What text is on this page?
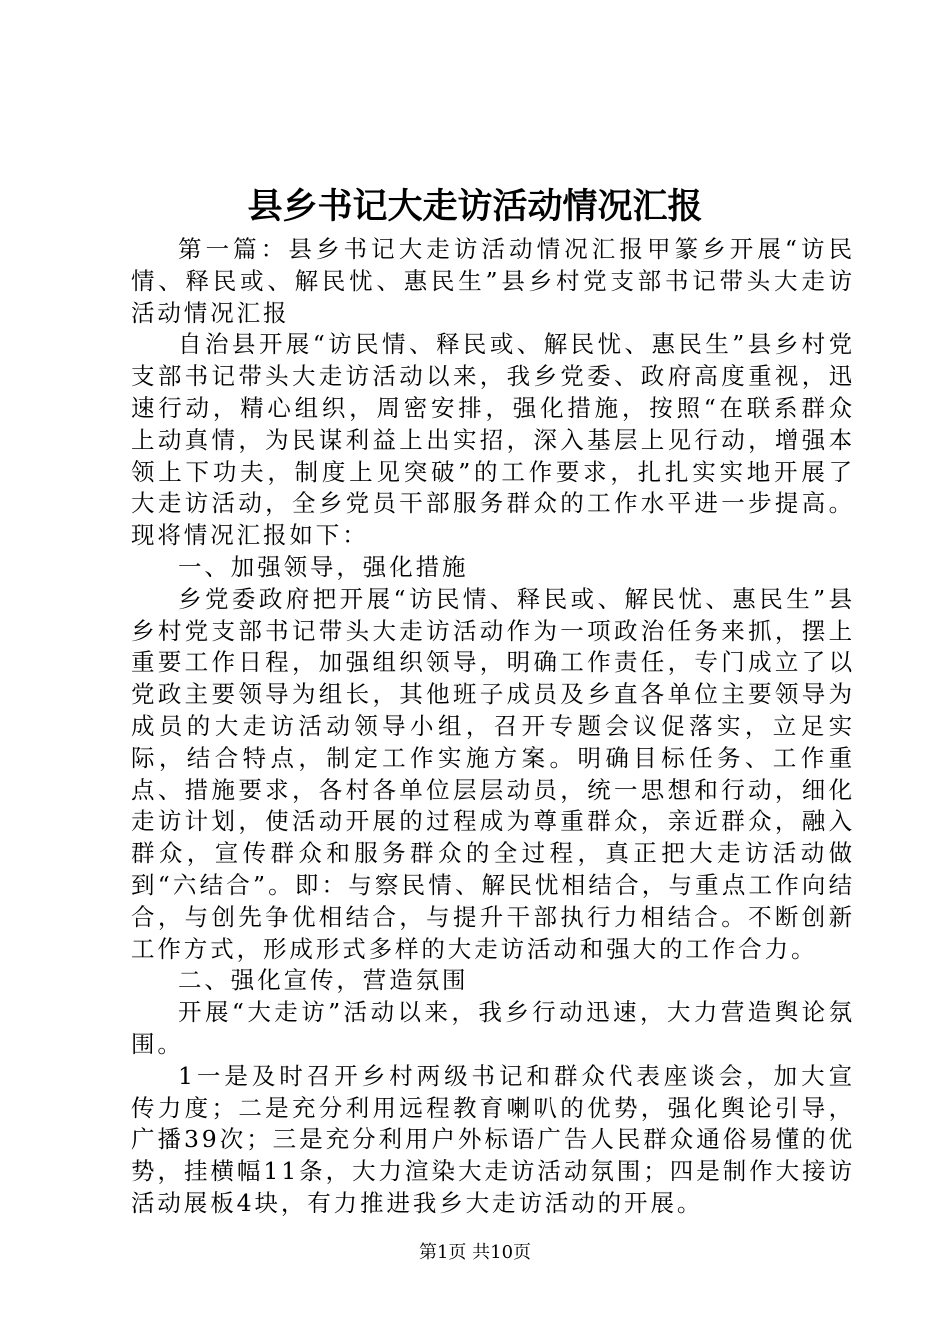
县乡书记大走访活动情况汇报

第一篇：县乡书记大走访活动情况汇报甲篆乡开展“访民情、释民或、解民忧、惠民生”县乡村党支部书记带头大走访活动情况汇报

自治县开展“访民情、释民或、解民忧、惠民生”县乡村党支部书记带头大走访活动以来，我乡党委、政府高度重视，迅速行动，精心组织，周密安排，强化措施，按照“在联系群众上动真情，为民谋利益上出实招，深入基层上见行动，增强本领上下功夫，制度上见突破”的工作要求，扎扎实实地开展了大走访活动，全乡党员干部服务群众的工作水平进一步提高。现将情况汇报如下：

一、加强领导，强化措施

乡党委政府把开展“访民情、释民或、解民忧、惠民生”县乡村党支部书记带头大走访活动作为一项政治任务来抓，摆上重要工作日程，加强组织领导，明确工作责任，专门成立了以党政主要领导为组长，其他班子成员及乡直各单位主要领导为成员的大走访活动领导小组，召开专题会议促落实，立足实际，结合特点，制定工作实施方案。明确目标任务、工作重点、措施要求，各村各单位层层动员，统一思想和行动，细化走访计划，使活动开展的过程成为尊重群众，亲近群众，融入群众，宣传群众和服务群众的全过程，真正把大走访活动做到“六结合”。即：与察民情、解民忧相结合，与重点工作向结合，与创先争优相结合，与提升干部执行力相结合。不断创新工作方式，形成形式多样的大走访活动和强大的工作合力。

二、强化宣传，营造氛围

开展“大走访”活动以来，我乡行动迅速，大力营造舆论氛围。

1一是及时召开乡村两级书记和群众代表座谈会，加大宣传力度；二是充分利用远程教育喇叭的优势，强化舆论引导，广播39次；三是充分利用户外标语广告人民群众通俗易懂的优势，挂横幅11条，大力渲染大走访活动氛围；四是制作大接访活动展板4块，有力推进我乡大走访活动的开展。

第1页 共10页
